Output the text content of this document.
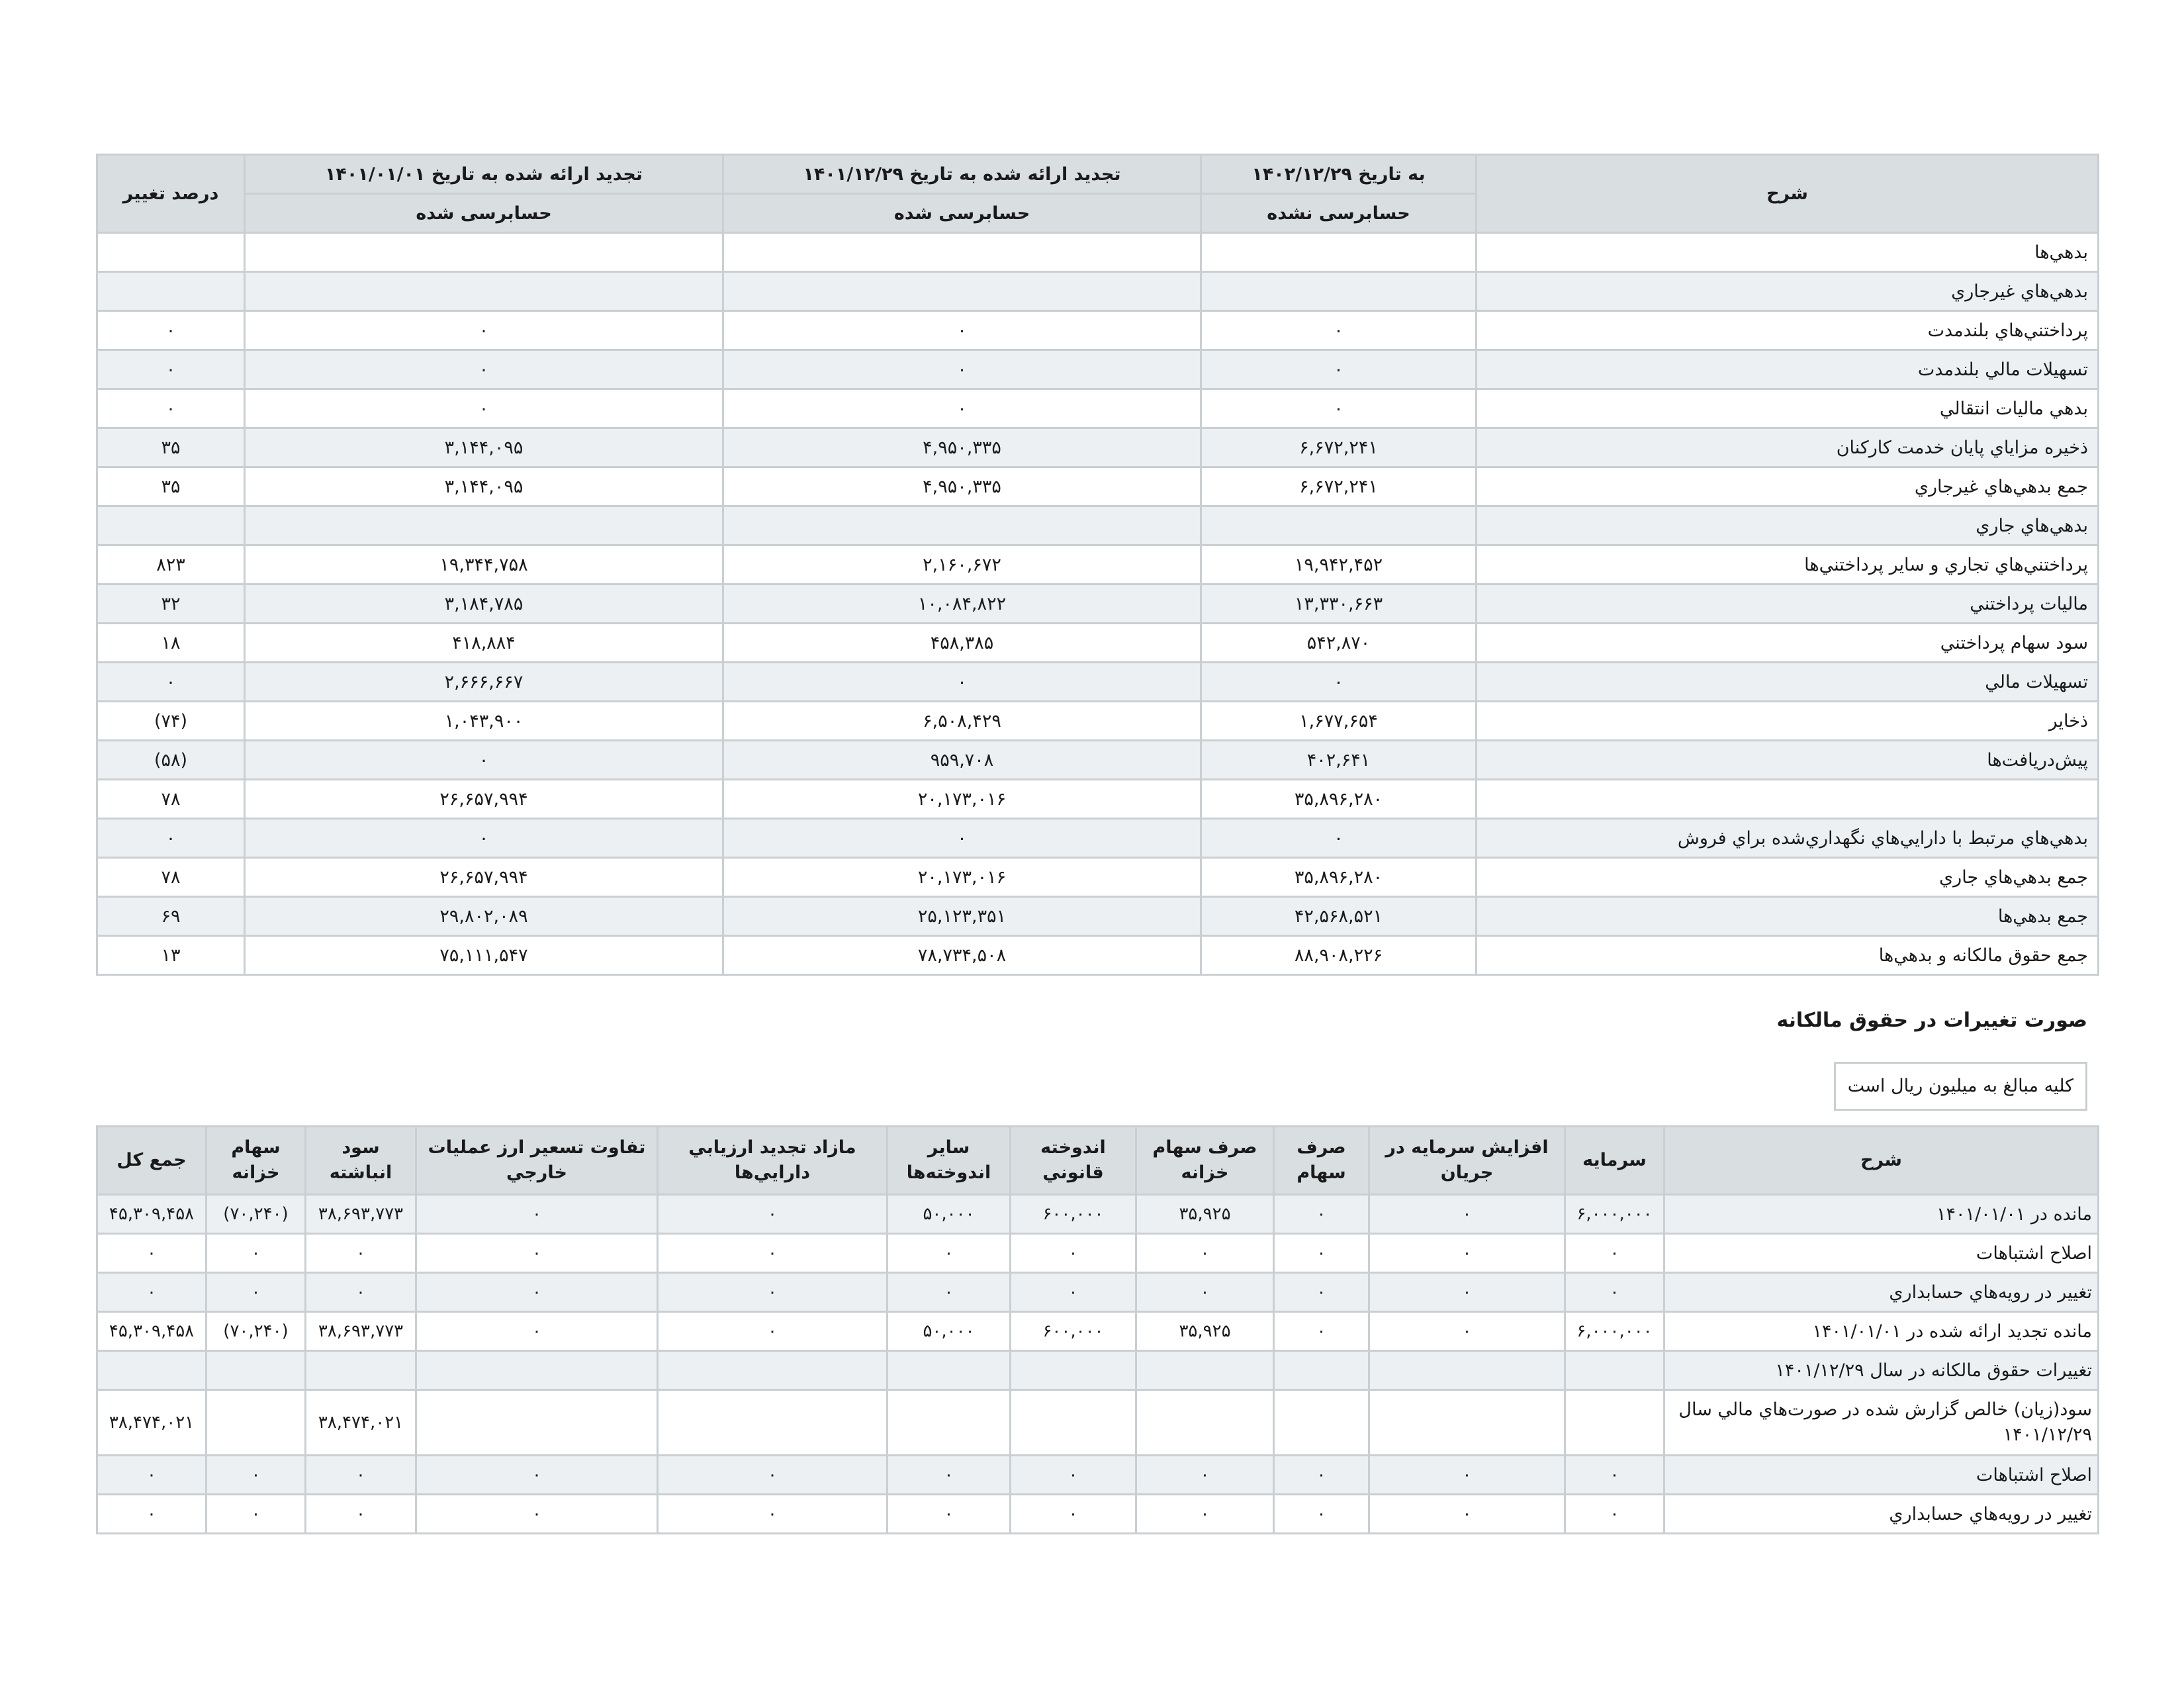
شرح	به تاريخ ۱۴۰۲/۱۲/۲۹	تجدید ارائه شده به تاریخ ۱۴۰۱/۱۲/۲۹	تجدید ارائه شده به تاریخ ۱۴۰۱/۰۱/۰۱	درصد تغيير
	حسابرسی نشده	حسابرسی شده	حسابرسی شده	
بدهي‌ها				
بدهي‌هاي غيرجاري				
پرداختني‌هاي بلندمدت	۰	۰	۰	۰
تسهيلات مالي بلندمدت	۰	۰	۰	۰
بدهي ماليات انتقالي	۰	۰	۰	۰
ذخيره مزاياي پايان خدمت کارکنان	۶,۶۷۲,۲۴۱	۴,۹۵۰,۳۳۵	۳,۱۴۴,۰۹۵	۳۵
جمع بدهي‌هاي غيرجاري	۶,۶۷۲,۲۴۱	۴,۹۵۰,۳۳۵	۳,۱۴۴,۰۹۵	۳۵
بدهي‌هاي جاري				
پرداختني‌هاي تجاري و ساير پرداختني‌ها	۱۹,۹۴۲,۴۵۲	۲,۱۶۰,۶۷۲	۱۹,۳۴۴,۷۵۸	۸۲۳
ماليات پرداختني	۱۳,۳۳۰,۶۶۳	۱۰,۰۸۴,۸۲۲	۳,۱۸۴,۷۸۵	۳۲
سود سهام پرداختني	۵۴۲,۸۷۰	۴۵۸,۳۸۵	۴۱۸,۸۸۴	۱۸
تسهيلات مالي	۰	۰	۲,۶۶۶,۶۶۷	۰
ذخاير	۱,۶۷۷,۶۵۴	۶,۵۰۸,۴۲۹	۱,۰۴۳,۹۰۰	(۷۴)
پيش‌دريافت‌ها	۴۰۲,۶۴۱	۹۵۹,۷۰۸	۰	(۵۸)
	۳۵,۸۹۶,۲۸۰	۲۰,۱۷۳,۰۱۶	۲۶,۶۵۷,۹۹۴	۷۸
بدهي‌هاي مرتبط با دارايي‌هاي نگهداري‌شده براي فروش	۰	۰	۰	۰
جمع بدهي‌هاي جاري	۳۵,۸۹۶,۲۸۰	۲۰,۱۷۳,۰۱۶	۲۶,۶۵۷,۹۹۴	۷۸
جمع بدهي‌ها	۴۲,۵۶۸,۵۲۱	۲۵,۱۲۳,۳۵۱	۲۹,۸۰۲,۰۸۹	۶۹
جمع حقوق مالکانه و بدهي‌ها	۸۸,۹۰۸,۲۲۶	۷۸,۷۳۴,۵۰۸	۷۵,۱۱۱,۵۴۷	۱۳
صورت تغييرات در حقوق مالکانه
کليه مبالغ به ميليون ريال است
شرح	سرمايه	افزايش سرمايه در جريان	صرف سهام	صرف سهام خزانه	اندوخته قانوني	ساير اندوخته‌ها	مازاد تجديد ارزيابي دارايي‌ها	تفاوت تسعير ارز عمليات خارجي	سود انباشته	سهام خزانه	جمع کل
مانده در ۱۴۰۱/۰۱/۰۱	۶,۰۰۰,۰۰۰	۰	۰	۳۵,۹۲۵	۶۰۰,۰۰۰	۵۰,۰۰۰	۰	۰	۳۸,۶۹۳,۷۷۳	(۷۰,۲۴۰)	۴۵,۳۰۹,۴۵۸
اصلاح اشتباهات	۰	۰	۰	۰	۰	۰	۰	۰	۰	۰	۰
تغيير در رويه‌هاي حسابداري	۰	۰	۰	۰	۰	۰	۰	۰	۰	۰	۰
مانده تجديد ارائه شده در ۱۴۰۱/۰۱/۰۱	۶,۰۰۰,۰۰۰	۰	۰	۳۵,۹۲۵	۶۰۰,۰۰۰	۵۰,۰۰۰	۰	۰	۳۸,۶۹۳,۷۷۳	(۷۰,۲۴۰)	۴۵,۳۰۹,۴۵۸
تغييرات حقوق مالکانه در سال ۱۴۰۱/۱۲/۲۹											
سود(زيان) خالص گزارش شده در صورت‌هاي مالي سال ۱۴۰۱/۱۲/۲۹									۳۸,۴۷۴,۰۲۱		۳۸,۴۷۴,۰۲۱
اصلاح اشتباهات	۰	۰	۰	۰	۰	۰	۰	۰	۰	۰	۰
تغيير در رويه‌هاي حسابداري	۰	۰	۰	۰	۰	۰	۰	۰	۰	۰	۰
